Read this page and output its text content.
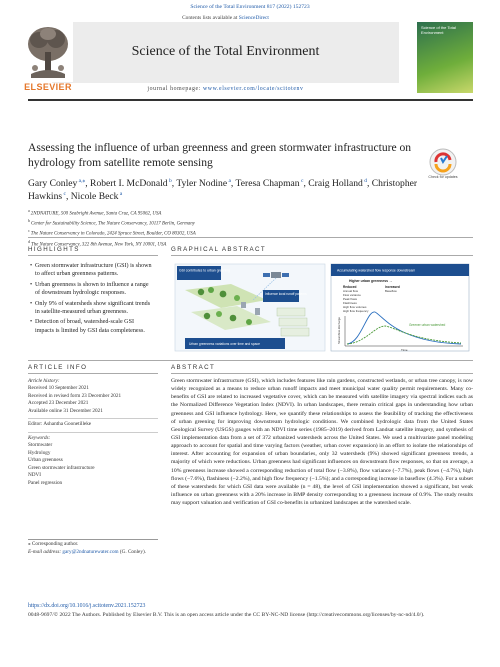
Science of the Total Environment 817 (2022) 152723
Contents lists available at ScienceDirect
Science of the Total Environment
journal homepage: www.elsevier.com/locate/scitotenv
ELSEVIER
Science of the Total Environment
Assessing the influence of urban greenness and green stormwater infrastructure on hydrology from satellite remote sensing
Check for updates
Gary Conley $^{a,⁎}$, Robert I. McDonald $^b$, Tyler Nodine $^a$, Teresa Chapman $^c$, Craig Holland $^d$, Christopher Hawkins $^c$, Nicole Beck $^a$
$^a$ 2NDNATURE, 500 Seabright Avenue, Santa Cruz, CA 95062, USA
$^b$ Center for Sustainability Science, The Nature Conservancy, 10117 Berlin, Germany
$^c$ The Nature Conservancy in Colorado, 2424 Spruce Street, Boulder, CO 80302, USA
$^d$ The Nature Conservancy, 322 8th Avenue, New York, NY 10001, USA
HIGHLIGHTS	GRAPHICAL ABSTRACT
• Green stormwater infrastructure (GSI) is shown to affect urban greenness patterns.
• Urban greenness is shown to influence a range of downstream hydrologic responses.
• Only 9% of watersheds show significant trends in satellite-measured urban greenness.
• Detection of broad, watershed-scale GSI impacts is limited by GSI data completeness.
GSI contributes to urban greening
Influence local runoff patterns
Urban greenness variations over time and space
Accumulating watershed flow response downstream
Higher urban greenness →
Reduced
Annual flow
Flow variance
Peak flows
Flashiness
High flow volumes
High flow frequency
Increased
Baseflow
Greener urban watershed
Streamflow discharge
Time
ARTICLE INFO	ABSTRACT
Article history:
Received 10 September 2021
Received in revised form 23 December 2021
Accepted 23 December 2021
Available online 31 December 2021
Editor: Ashantha Goonetilleke
Keywords:
Stormwater
Hydrology
Urban greenness
Green stormwater infrastructure
NDVI
Panel regression
Green stormwater infrastructure (GSI), which includes features like rain gardens, constructed wetlands, or urban tree canopy, is now widely recognized as a means to reduce urban runoff impacts and meet municipal water quality permit requirements. Many co-benefits of GSI are related to increased vegetative cover, which can be measured with satellite imagery via spectral indices such as the Normalized Difference Vegetation Index (NDVI). In urban landscapes, there remain critical gaps in understanding how urban greenness and GSI influence hydrology. Here, we quantify these relationships to assess the feasibility of tracking the effectiveness of urban greening for improving downstream hydrologic conditions. We combined hydrologic data from the United States Geological Survey (USGS) gauges with an NDVI time series (1985–2019) derived from Landsat satellite imagery, and synthesis of GSI implementation data from a set of 372 urbanized watersheds across the United States. We used a multivariate panel modeling approach to account for spatial and time varying factors (weather, urban cover expansion) in an effort to isolate the relationships of interest. After accounting for expansion of urban boundaries, only 32 watersheds (9%) showed significant greenness trends, a majority of which were reductions. Urban greenness had significant influences on downstream flow responses, so that on average, a 10% greenness increase showed a corresponding reduction of total flow (−3.8%), flow variance (−7.7%), peak flows (−4.7%), high flows (−7.6%), flashiness (−2.2%), and high flow frequency (−1.5%); and a corresponding increase in baseflow (4.3%). For a subset of these watersheds for which GSI data were available (n = 48), the level of GSI implementation showed a significant, but weak influence on urban greenness with a 20% increase in BMP density corresponding to a greenness increase of 0.9%. The study results may support valuation and verification of GSI co-benefits in urbanized landscapes at the watershed scale.
⁎ Corresponding author.
E-mail address: gary@2ndnaturewater.com (G. Conley).
https://dx.doi.org/10.1016/j.scitotenv.2021.152723
0048-9697/© 2022 The Authors. Published by Elsevier B.V. This is an open access article under the CC BY-NC-ND license (http://creativecommons.org/licenses/by-nc-nd/4.0/).
